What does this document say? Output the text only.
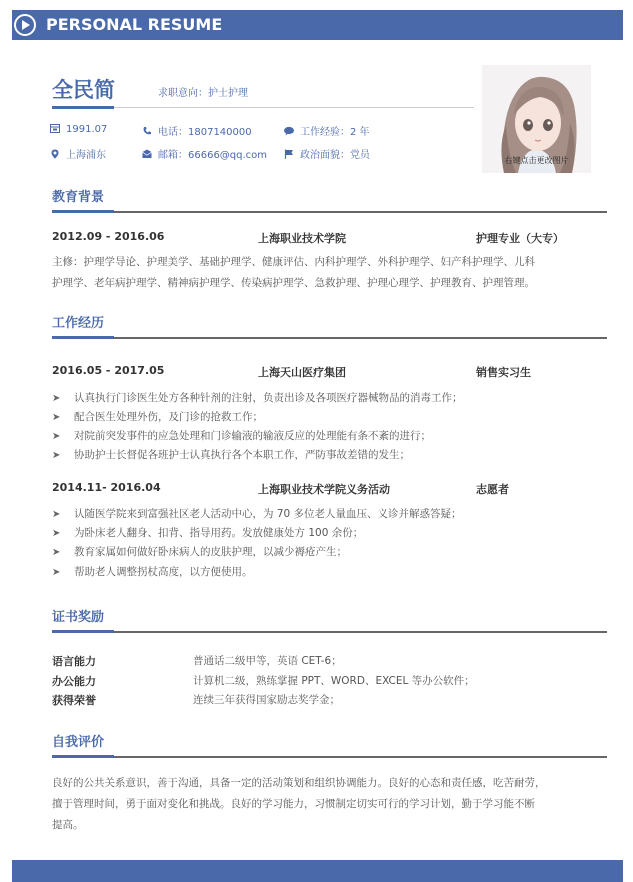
PERSONAL RESUME
全民简	求职意向：护士护理
1991.07	电话：1807140000	工作经验：2 年
上海浦东	邮箱：66666@qq.com	政治面貌：党员	右键点击更改图片
教育背景
2012.09 - 2016.06	上海职业技术学院	护理专业（大专）
主修：护理学导论、护理美学、基础护理学、健康评估、内科护理学、外科护理学、妇产科护理学、儿科
护理学、老年病护理学、精神病护理学、传染病护理学、急救护理、护理心理学、护理教育、护理管理。
工作经历
2016.05 - 2017.05	上海天山医疗集团	销售实习生
➤ 认真执行门诊医生处方各种针剂的注射，负责出诊及各项医疗器械物品的消毒工作；
➤ 配合医生处理外伤，及门诊的抢救工作；
➤ 对院前突发事件的应急处理和门诊输液的输液反应的处理能有条不紊的进行；
➤ 协助护士长督促各班护士认真执行各个本职工作，严防事故差错的发生；
2014.11- 2016.04	上海职业技术学院义务活动	志愿者
➤ 认随医学院来到富强社区老人活动中心，为 70 多位老人量血压、义诊并解惑答疑；
➤ 为卧床老人翻身、扣背、指导用药。发放健康处方 100 余份；
➤ 教育家属如何做好卧床病人的皮肤护理，以减少褥疮产生；
➤ 帮助老人调整拐杖高度，以方便使用。
证书奖励
语言能力	普通话二级甲等，英语 CET-6；
办公能力	计算机二级，熟练掌握 PPT、WORD、EXCEL 等办公软件；
获得荣誉	连续三年获得国家励志奖学金；
自我评价
良好的公共关系意识，善于沟通，具备一定的活动策划和组织协调能力。良好的心态和责任感，吃苦耐劳，
擅于管理时间，勇于面对变化和挑战。良好的学习能力，习惯制定切实可行的学习计划，勤于学习能不断
提高。
